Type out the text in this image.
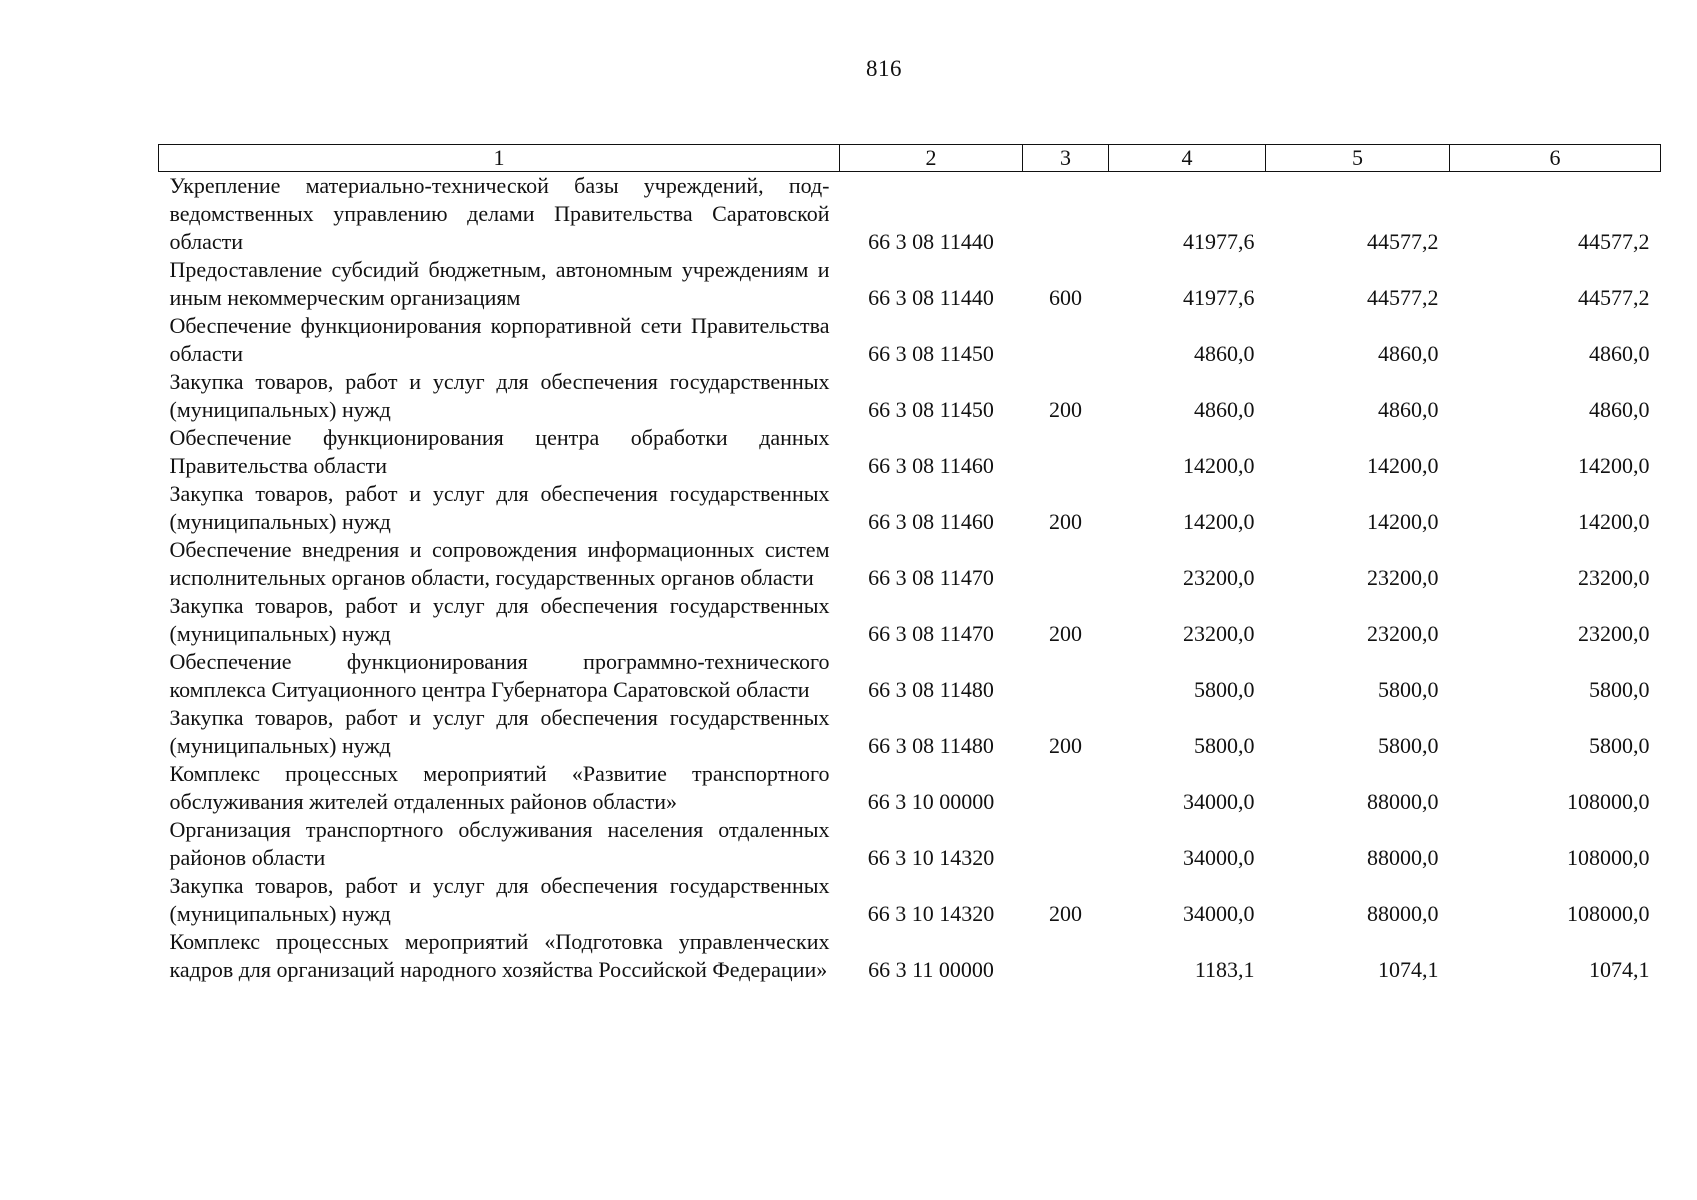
816
1	2	3	4	5	6
Укрепление материально-технической базы учреждений, подведомственных управлению делами Правительства Саратовской области	66 3 08 11440		41977,6	44577,2	44577,2
Предоставление субсидий бюджетным, автономным учреждениям и иным некоммерческим организациям	66 3 08 11440	600	41977,6	44577,2	44577,2
Обеспечение функционирования корпоративной сети Правительства области	66 3 08 11450		4860,0	4860,0	4860,0
Закупка товаров, работ и услуг для обеспечения государственных (муниципальных) нужд	66 3 08 11450	200	4860,0	4860,0	4860,0
Обеспечение функционирования центра обработки данных Правительства области	66 3 08 11460		14200,0	14200,0	14200,0
Закупка товаров, работ и услуг для обеспечения государственных (муниципальных) нужд	66 3 08 11460	200	14200,0	14200,0	14200,0
Обеспечение внедрения и сопровождения информационных систем исполнительных органов области, государственных органов области	66 3 08 11470		23200,0	23200,0	23200,0
Закупка товаров, работ и услуг для обеспечения государственных (муниципальных) нужд	66 3 08 11470	200	23200,0	23200,0	23200,0
Обеспечение функционирования программно-технического комплекса Ситуационного центра Губернатора Саратовской области	66 3 08 11480		5800,0	5800,0	5800,0
Закупка товаров, работ и услуг для обеспечения государственных (муниципальных) нужд	66 3 08 11480	200	5800,0	5800,0	5800,0
Комплекс процессных мероприятий «Развитие транспортного обслуживания жителей отдаленных районов области»	66 3 10 00000		34000,0	88000,0	108000,0
Организация транспортного обслуживания населения отдаленных районов области	66 3 10 14320		34000,0	88000,0	108000,0
Закупка товаров, работ и услуг для обеспечения государственных (муниципальных) нужд	66 3 10 14320	200	34000,0	88000,0	108000,0
Комплекс процессных мероприятий «Подготовка управленческих кадров для организаций народного хозяйства Российской Федерации»	66 3 11 00000		1183,1	1074,1	1074,1
